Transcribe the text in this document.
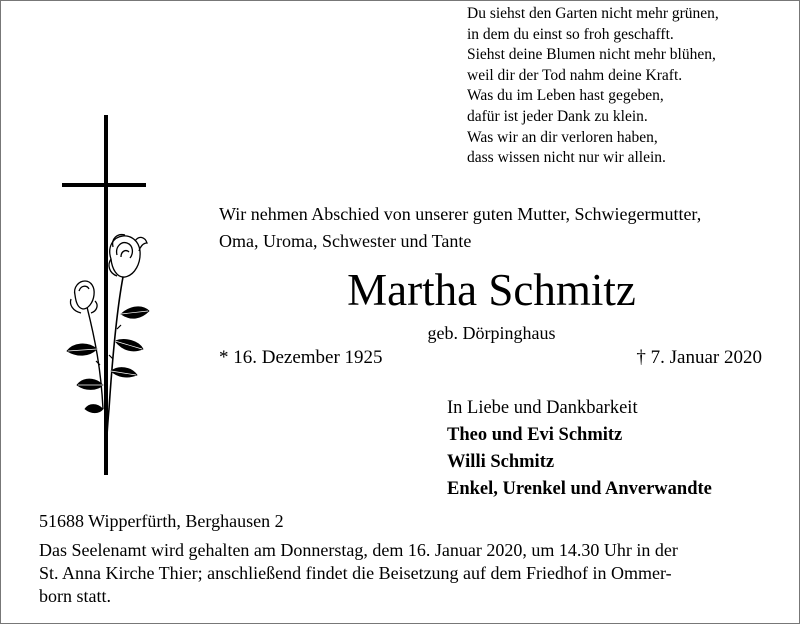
Du siehst den Garten nicht mehr grünen,
in dem du einst so froh geschafft.
Siehst deine Blumen nicht mehr blühen,
weil dir der Tod nahm deine Kraft.
Was du im Leben hast gegeben,
dafür ist jeder Dank zu klein.
Was wir an dir verloren haben,
dass wissen nicht nur wir allein.
Wir nehmen Abschied von unserer guten Mutter, Schwiegermutter,
Oma, Uroma, Schwester und Tante
Martha Schmitz
geb. Dörpinghaus
* 16. Dezember 1925	† 7. Januar 2020
In Liebe und Dankbarkeit
Theo und Evi Schmitz
Willi Schmitz
Enkel, Urenkel und Anverwandte
51688 Wipperfürth, Berghausen 2
Das Seelenamt wird gehalten am Donnerstag, dem 16. Januar 2020, um 14.30 Uhr in der
St. Anna Kirche Thier; anschließend findet die Beisetzung auf dem Friedhof in Ommer-
born statt.
